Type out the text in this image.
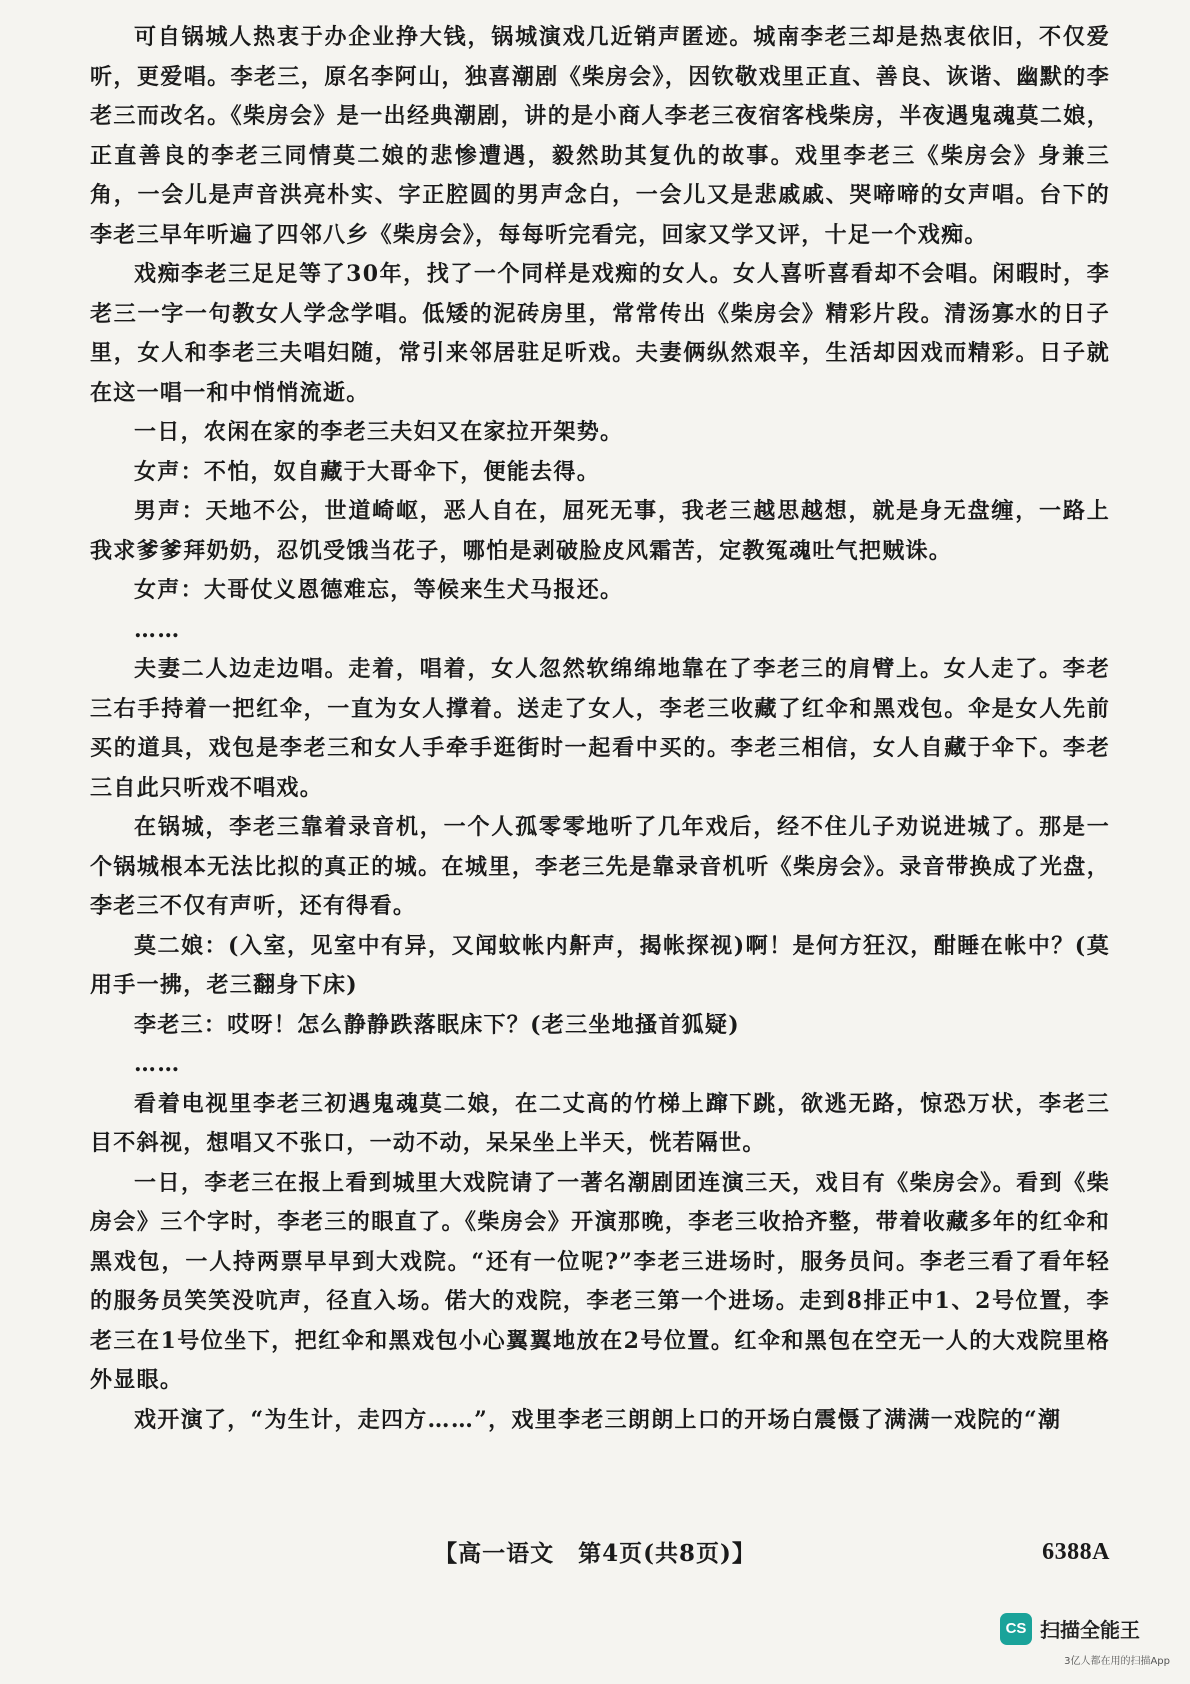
可自锅城人热衷于办企业挣大钱，锅城演戏几近销声匿迹。城南李老三却是热衷依旧，不仅爱听，更爱唱。李老三，原名李阿山，独喜潮剧《柴房会》，因钦敬戏里正直、善良、诙谐、幽默的李老三而改名。《柴房会》是一出经典潮剧，讲的是小商人李老三夜宿客栈柴房，半夜遇鬼魂莫二娘，正直善良的李老三同情莫二娘的悲惨遭遇，毅然助其复仇的故事。戏里李老三《柴房会》身兼三角，一会儿是声音洪亮朴实、字正腔圆的男声念白，一会儿又是悲戚戚、哭啼啼的女声唱。台下的李老三早年听遍了四邻八乡《柴房会》，每每听完看完，回家又学又评，十足一个戏痴。

戏痴李老三足足等了30年，找了一个同样是戏痴的女人。女人喜听喜看却不会唱。闲暇时，李老三一字一句教女人学念学唱。低矮的泥砖房里，常常传出《柴房会》精彩片段。清汤寡水的日子里，女人和李老三夫唱妇随，常引来邻居驻足听戏。夫妻俩纵然艰辛，生活却因戏而精彩。日子就在这一唱一和中悄悄流逝。

一日，农闲在家的李老三夫妇又在家拉开架势。

女声：不怕，奴自藏于大哥伞下，便能去得。

男声：天地不公，世道崎岖，恶人自在，屈死无事，我老三越思越想，就是身无盘缠，一路上我求爹爹拜奶奶，忍饥受饿当花子，哪怕是剥破脸皮风霜苦，定教冤魂吐气把贼诛。

女声：大哥仗义恩德难忘，等候来生犬马报还。

……

夫妻二人边走边唱。走着，唱着，女人忽然软绵绵地靠在了李老三的肩臂上。女人走了。李老三右手持着一把红伞，一直为女人撑着。送走了女人，李老三收藏了红伞和黑戏包。伞是女人先前买的道具，戏包是李老三和女人手牵手逛街时一起看中买的。李老三相信，女人自藏于伞下。李老三自此只听戏不唱戏。

在锅城，李老三靠着录音机，一个人孤零零地听了几年戏后，经不住儿子劝说进城了。那是一个锅城根本无法比拟的真正的城。在城里，李老三先是靠录音机听《柴房会》。录音带换成了光盘，李老三不仅有声听，还有得看。

莫二娘：(入室，见室中有异，又闻蚊帐内鼾声，揭帐探视)啊！是何方狂汉，酣睡在帐中？(莫用手一拂，老三翻身下床)

李老三：哎呀！怎么静静跌落眠床下？(老三坐地搔首狐疑)

……

看着电视里李老三初遇鬼魂莫二娘，在二丈高的竹梯上蹿下跳，欲逃无路，惊恐万状，李老三目不斜视，想唱又不张口，一动不动，呆呆坐上半天，恍若隔世。

一日，李老三在报上看到城里大戏院请了一著名潮剧团连演三天，戏目有《柴房会》。看到《柴房会》三个字时，李老三的眼直了。《柴房会》开演那晚，李老三收拾齐整，带着收藏多年的红伞和黑戏包，一人持两票早早到大戏院。“还有一位呢?”李老三进场时，服务员问。李老三看了看年轻的服务员笑笑没吭声，径直入场。偌大的戏院，李老三第一个进场。走到8排正中1、2号位置，李老三在1号位坐下，把红伞和黑戏包小心翼翼地放在2号位置。红伞和黑包在空无一人的大戏院里格外显眼。

戏开演了，“为生计，走四方……”，戏里李老三朗朗上口的开场白震慑了满满一戏院的“潮

【高一语文　第4页(共8页)】	6388A
CS 扫描全能王
3亿人都在用的扫描App
